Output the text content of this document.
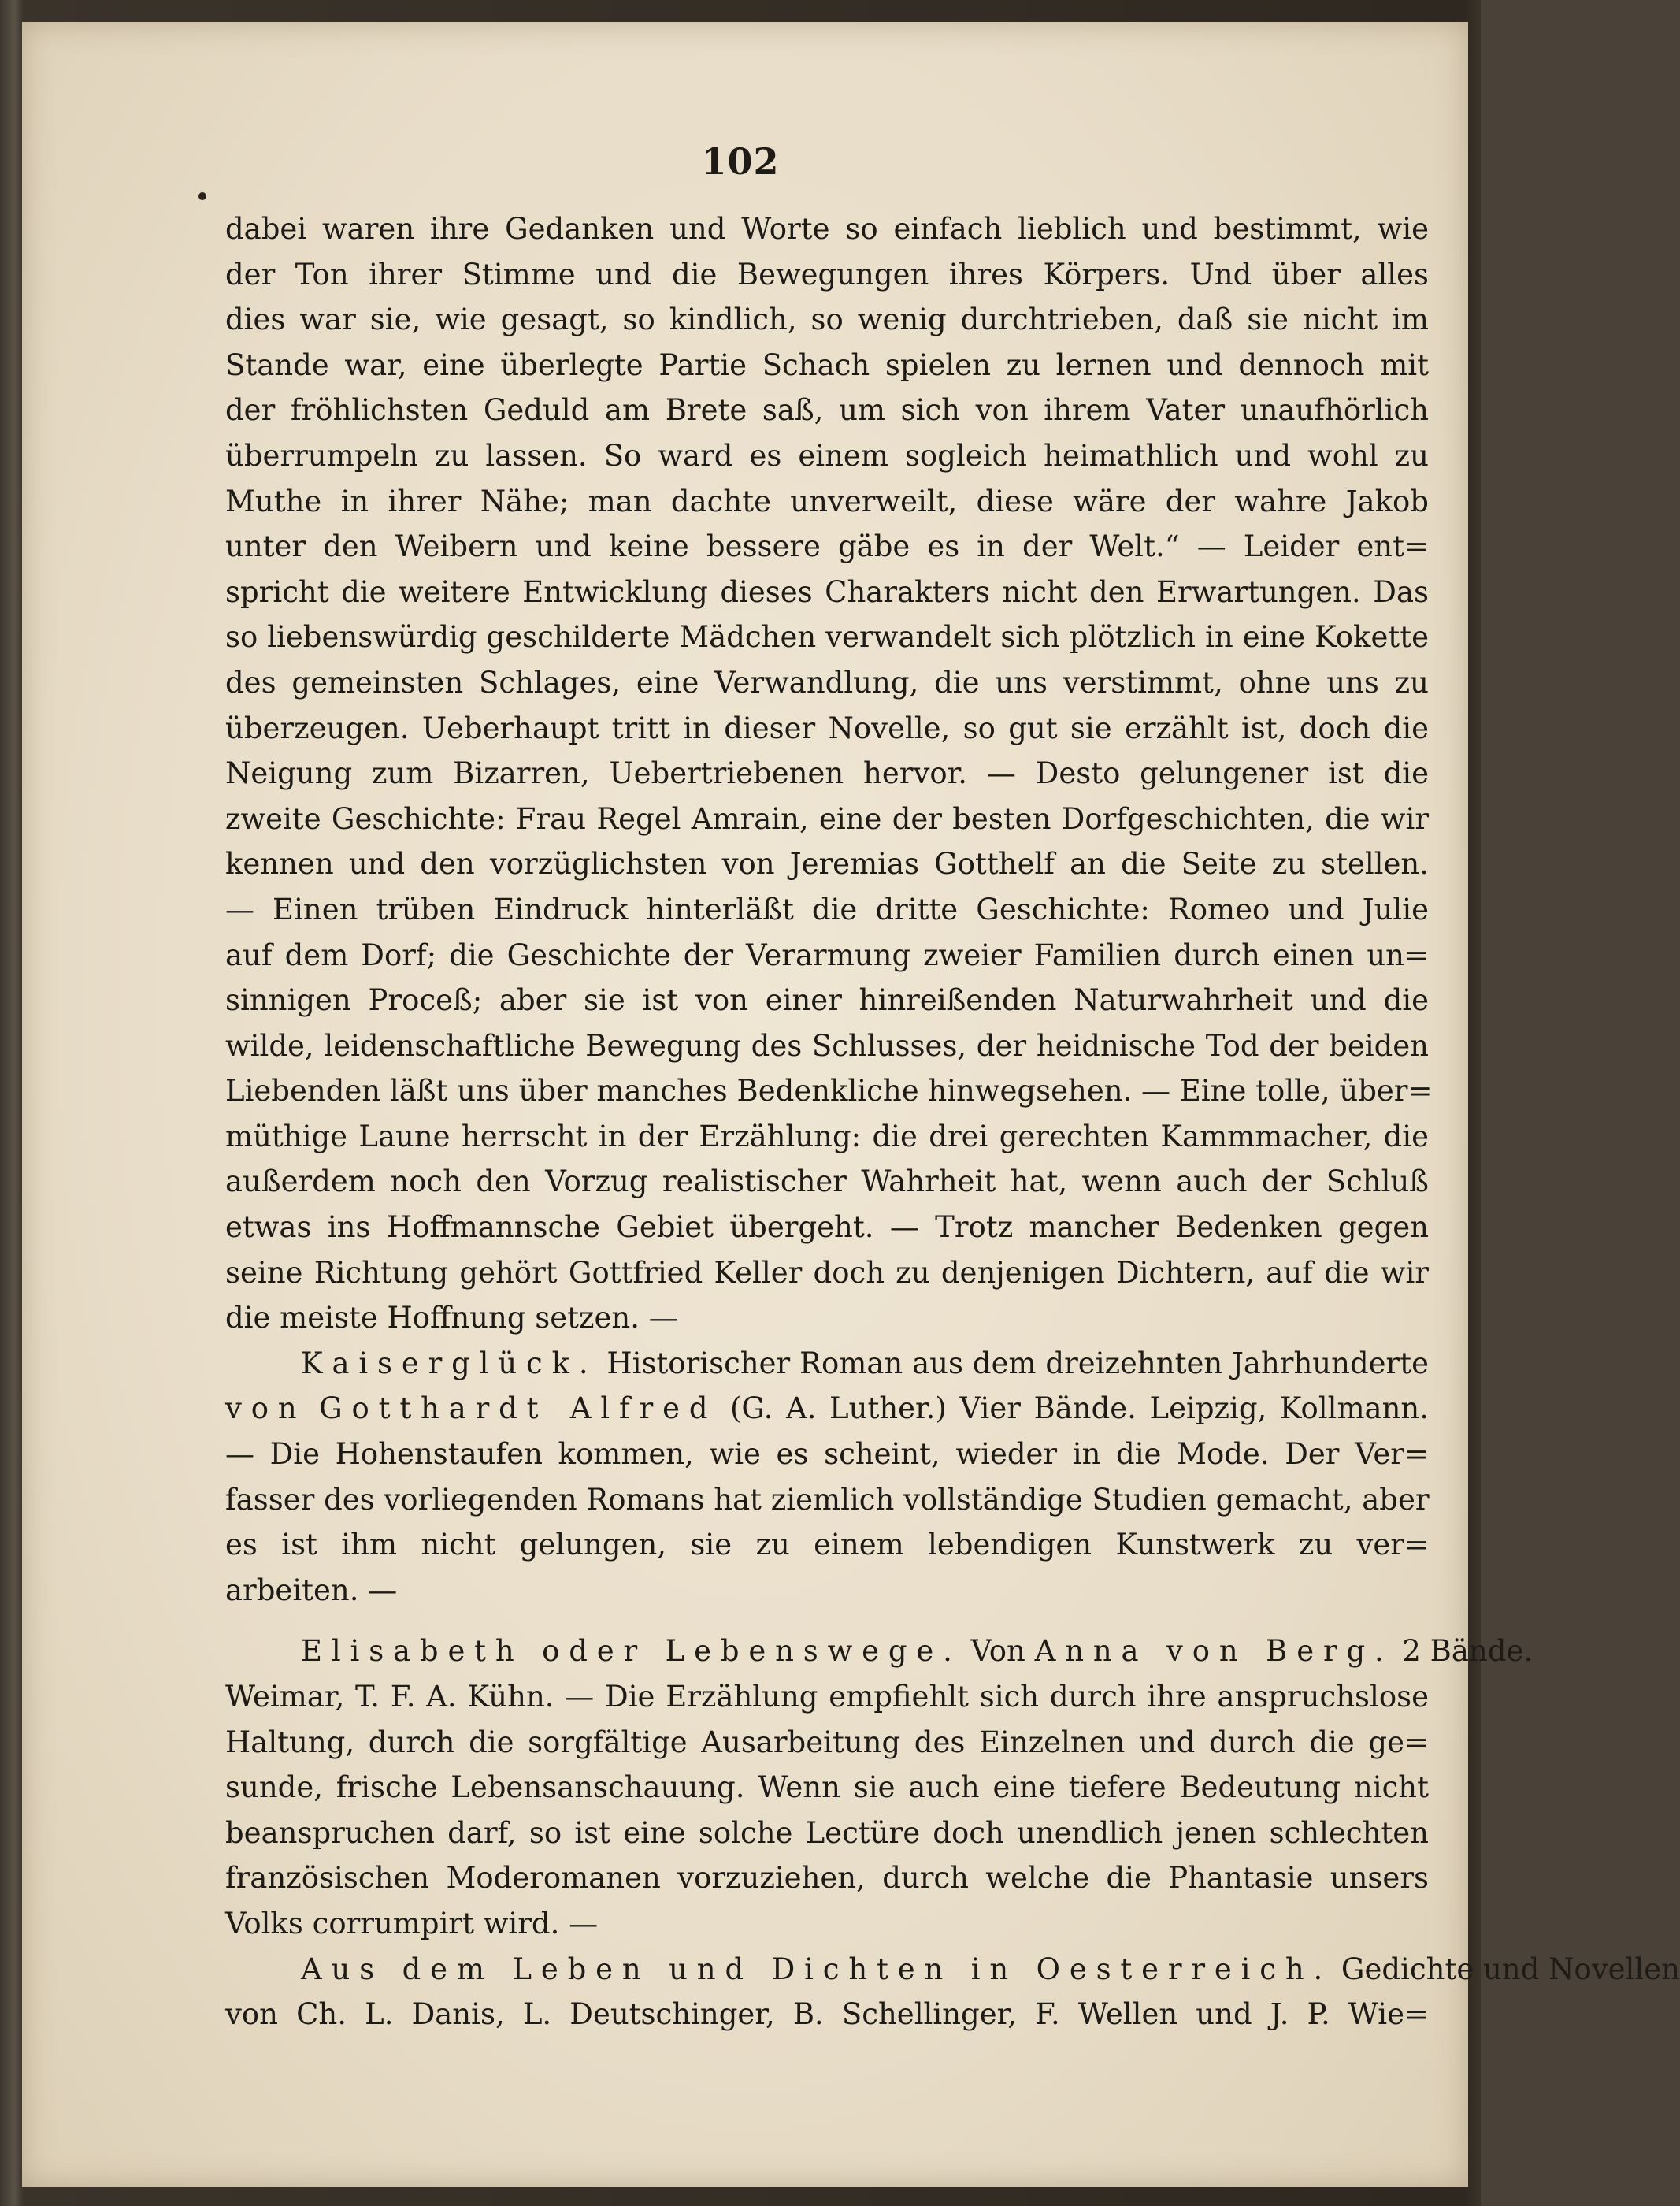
102
dabei waren ihre Gedanken und Worte so einfach lieblich und bestimmt, wie
der Ton ihrer Stimme und die Bewegungen ihres Körpers. Und über alles
dies war sie, wie gesagt, so kindlich, so wenig durchtrieben, daß sie nicht im
Stande war, eine überlegte Partie Schach spielen zu lernen und dennoch mit
der fröhlichsten Geduld am Brete saß, um sich von ihrem Vater unaufhörlich
überrumpeln zu lassen. So ward es einem sogleich heimathlich und wohl zu
Muthe in ihrer Nähe; man dachte unverweilt, diese wäre der wahre Jakob
unter den Weibern und keine bessere gäbe es in der Welt.“ — Leider ent=
spricht die weitere Entwicklung dieses Charakters nicht den Erwartungen. Das
so liebenswürdig geschilderte Mädchen verwandelt sich plötzlich in eine Kokette
des gemeinsten Schlages, eine Verwandlung, die uns verstimmt, ohne uns zu
überzeugen. Ueberhaupt tritt in dieser Novelle, so gut sie erzählt ist, doch die
Neigung zum Bizarren, Uebertriebenen hervor. — Desto gelungener ist die
zweite Geschichte: Frau Regel Amrain, eine der besten Dorfgeschichten, die wir
kennen und den vorzüglichsten von Jeremias Gotthelf an die Seite zu stellen.
— Einen trüben Eindruck hinterläßt die dritte Geschichte: Romeo und Julie
auf dem Dorf; die Geschichte der Verarmung zweier Familien durch einen un=
sinnigen Proceß; aber sie ist von einer hinreißenden Naturwahrheit und die
wilde, leidenschaftliche Bewegung des Schlusses, der heidnische Tod der beiden
Liebenden läßt uns über manches Bedenkliche hinwegsehen. — Eine tolle, über=
müthige Laune herrscht in der Erzählung: die drei gerechten Kammmacher, die
außerdem noch den Vorzug realistischer Wahrheit hat, wenn auch der Schluß
etwas ins Hoffmannsche Gebiet übergeht. — Trotz mancher Bedenken gegen
seine Richtung gehört Gottfried Keller doch zu denjenigen Dichtern, auf die wir
die meiste Hoffnung setzen. —
Kaiserglück. Historischer Roman aus dem dreizehnten Jahrhunderte
von Gotthardt Alfred (G. A. Luther.) Vier Bände. Leipzig, Kollmann.
— Die Hohenstaufen kommen, wie es scheint, wieder in die Mode. Der Ver=
fasser des vorliegenden Romans hat ziemlich vollständige Studien gemacht, aber
es ist ihm nicht gelungen, sie zu einem lebendigen Kunstwerk zu ver=
arbeiten. —
Elisabeth oder Lebenswege. Von Anna von Berg. 2 Bände.
Weimar, T. F. A. Kühn. — Die Erzählung empfiehlt sich durch ihre anspruchslose
Haltung, durch die sorgfältige Ausarbeitung des Einzelnen und durch die ge=
sunde, frische Lebensanschauung. Wenn sie auch eine tiefere Bedeutung nicht
beanspruchen darf, so ist eine solche Lectüre doch unendlich jenen schlechten
französischen Moderomanen vorzuziehen, durch welche die Phantasie unsers
Volks corrumpirt wird. —
Aus dem Leben und Dichten in Oesterreich. Gedichte und Novellen
von Ch. L. Danis, L. Deutschinger, B. Schellinger, F. Wellen und J. P. Wie=
